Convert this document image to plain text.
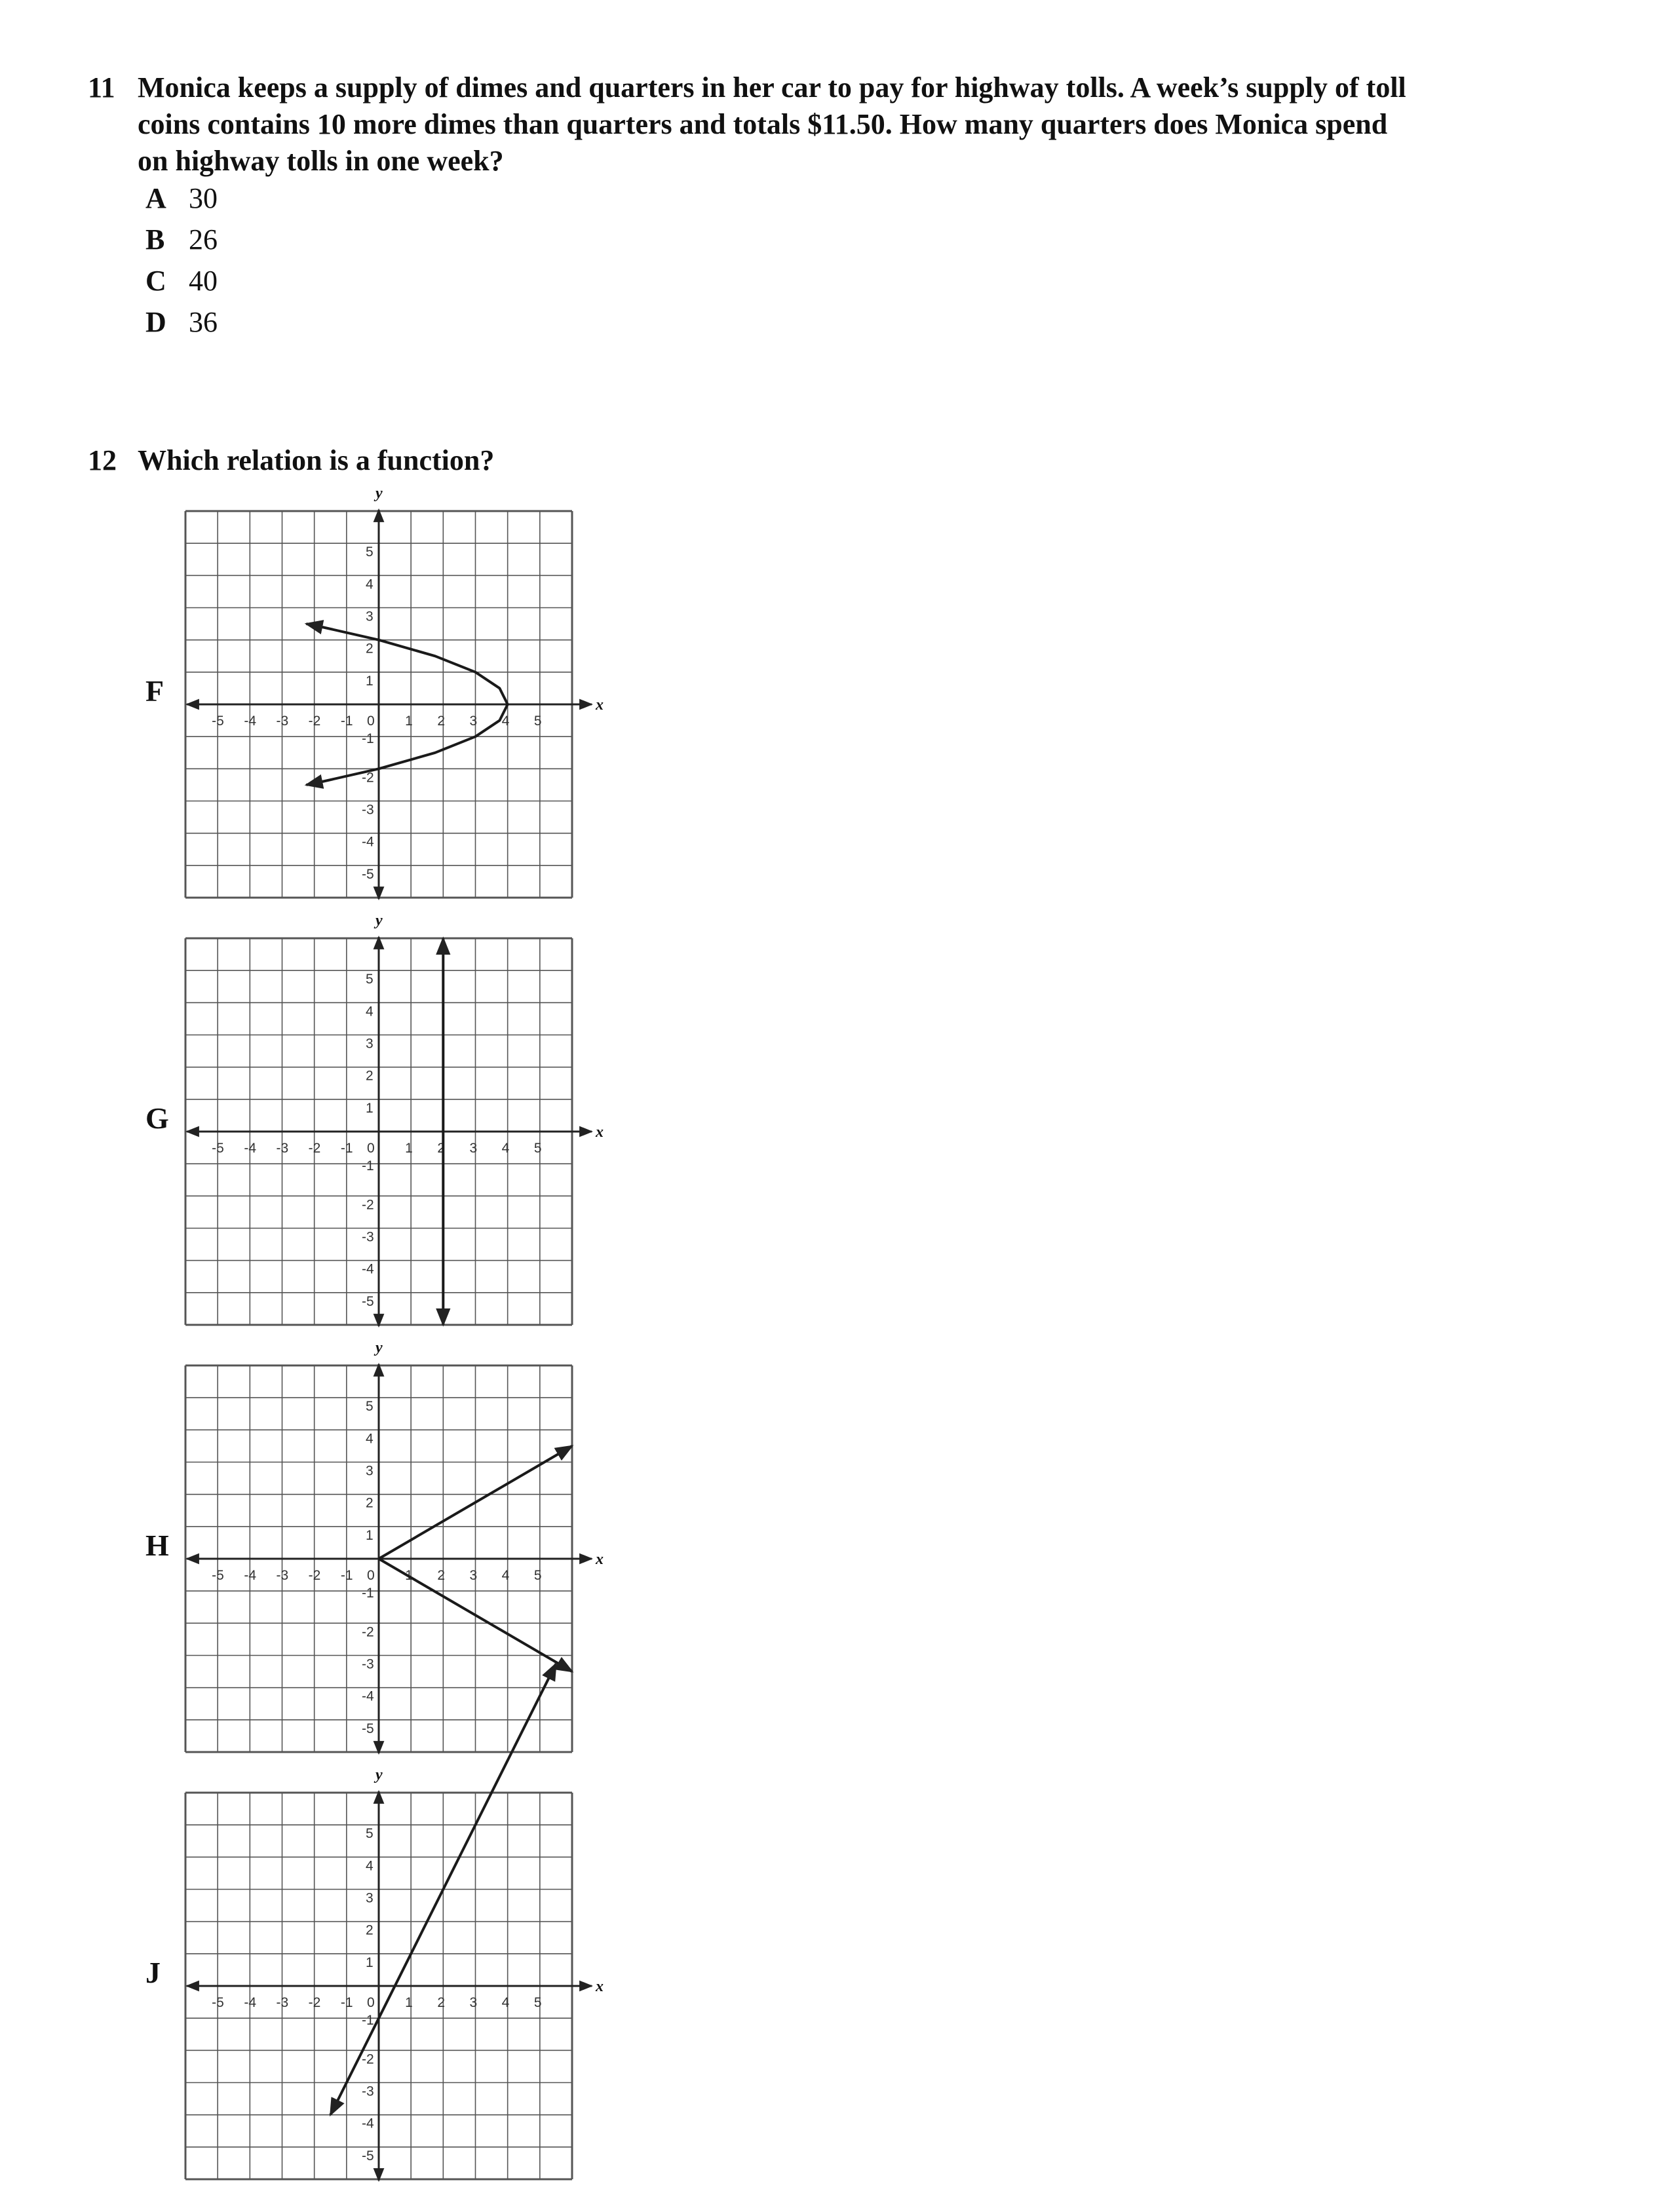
11 Monica keeps a supply of dimes and quarters in her car to pay for highway tolls. A week’s supply of toll coins contains 10 more dimes than quarters and totals $11.50. How many quarters does Monica spend on highway tolls in one week?
A 30
B 26
C 40
D 36
12 Which relation is a function?
F	x
y
-5 -4 -3 -2 -1 0 1 2 3 4 5
1
2
3
4
5
-1
-2
-3
-4
-5
G	x
y
-5 -4 -3 -2 -1 0 1 2 3 4 5
1
2
3
4
5
-1
-2
-3
-4
-5
H	x
y
-5 -4 -3 -2 -1 0 1 2 3 4 5
1
2
3
4
5
-1
-2
-3
-4
-5
J	x
y
-5 -4 -3 -2 -1 0 1 2 3 4 5
1
2
3
4
5
-1
-2
-3
-4
-5
